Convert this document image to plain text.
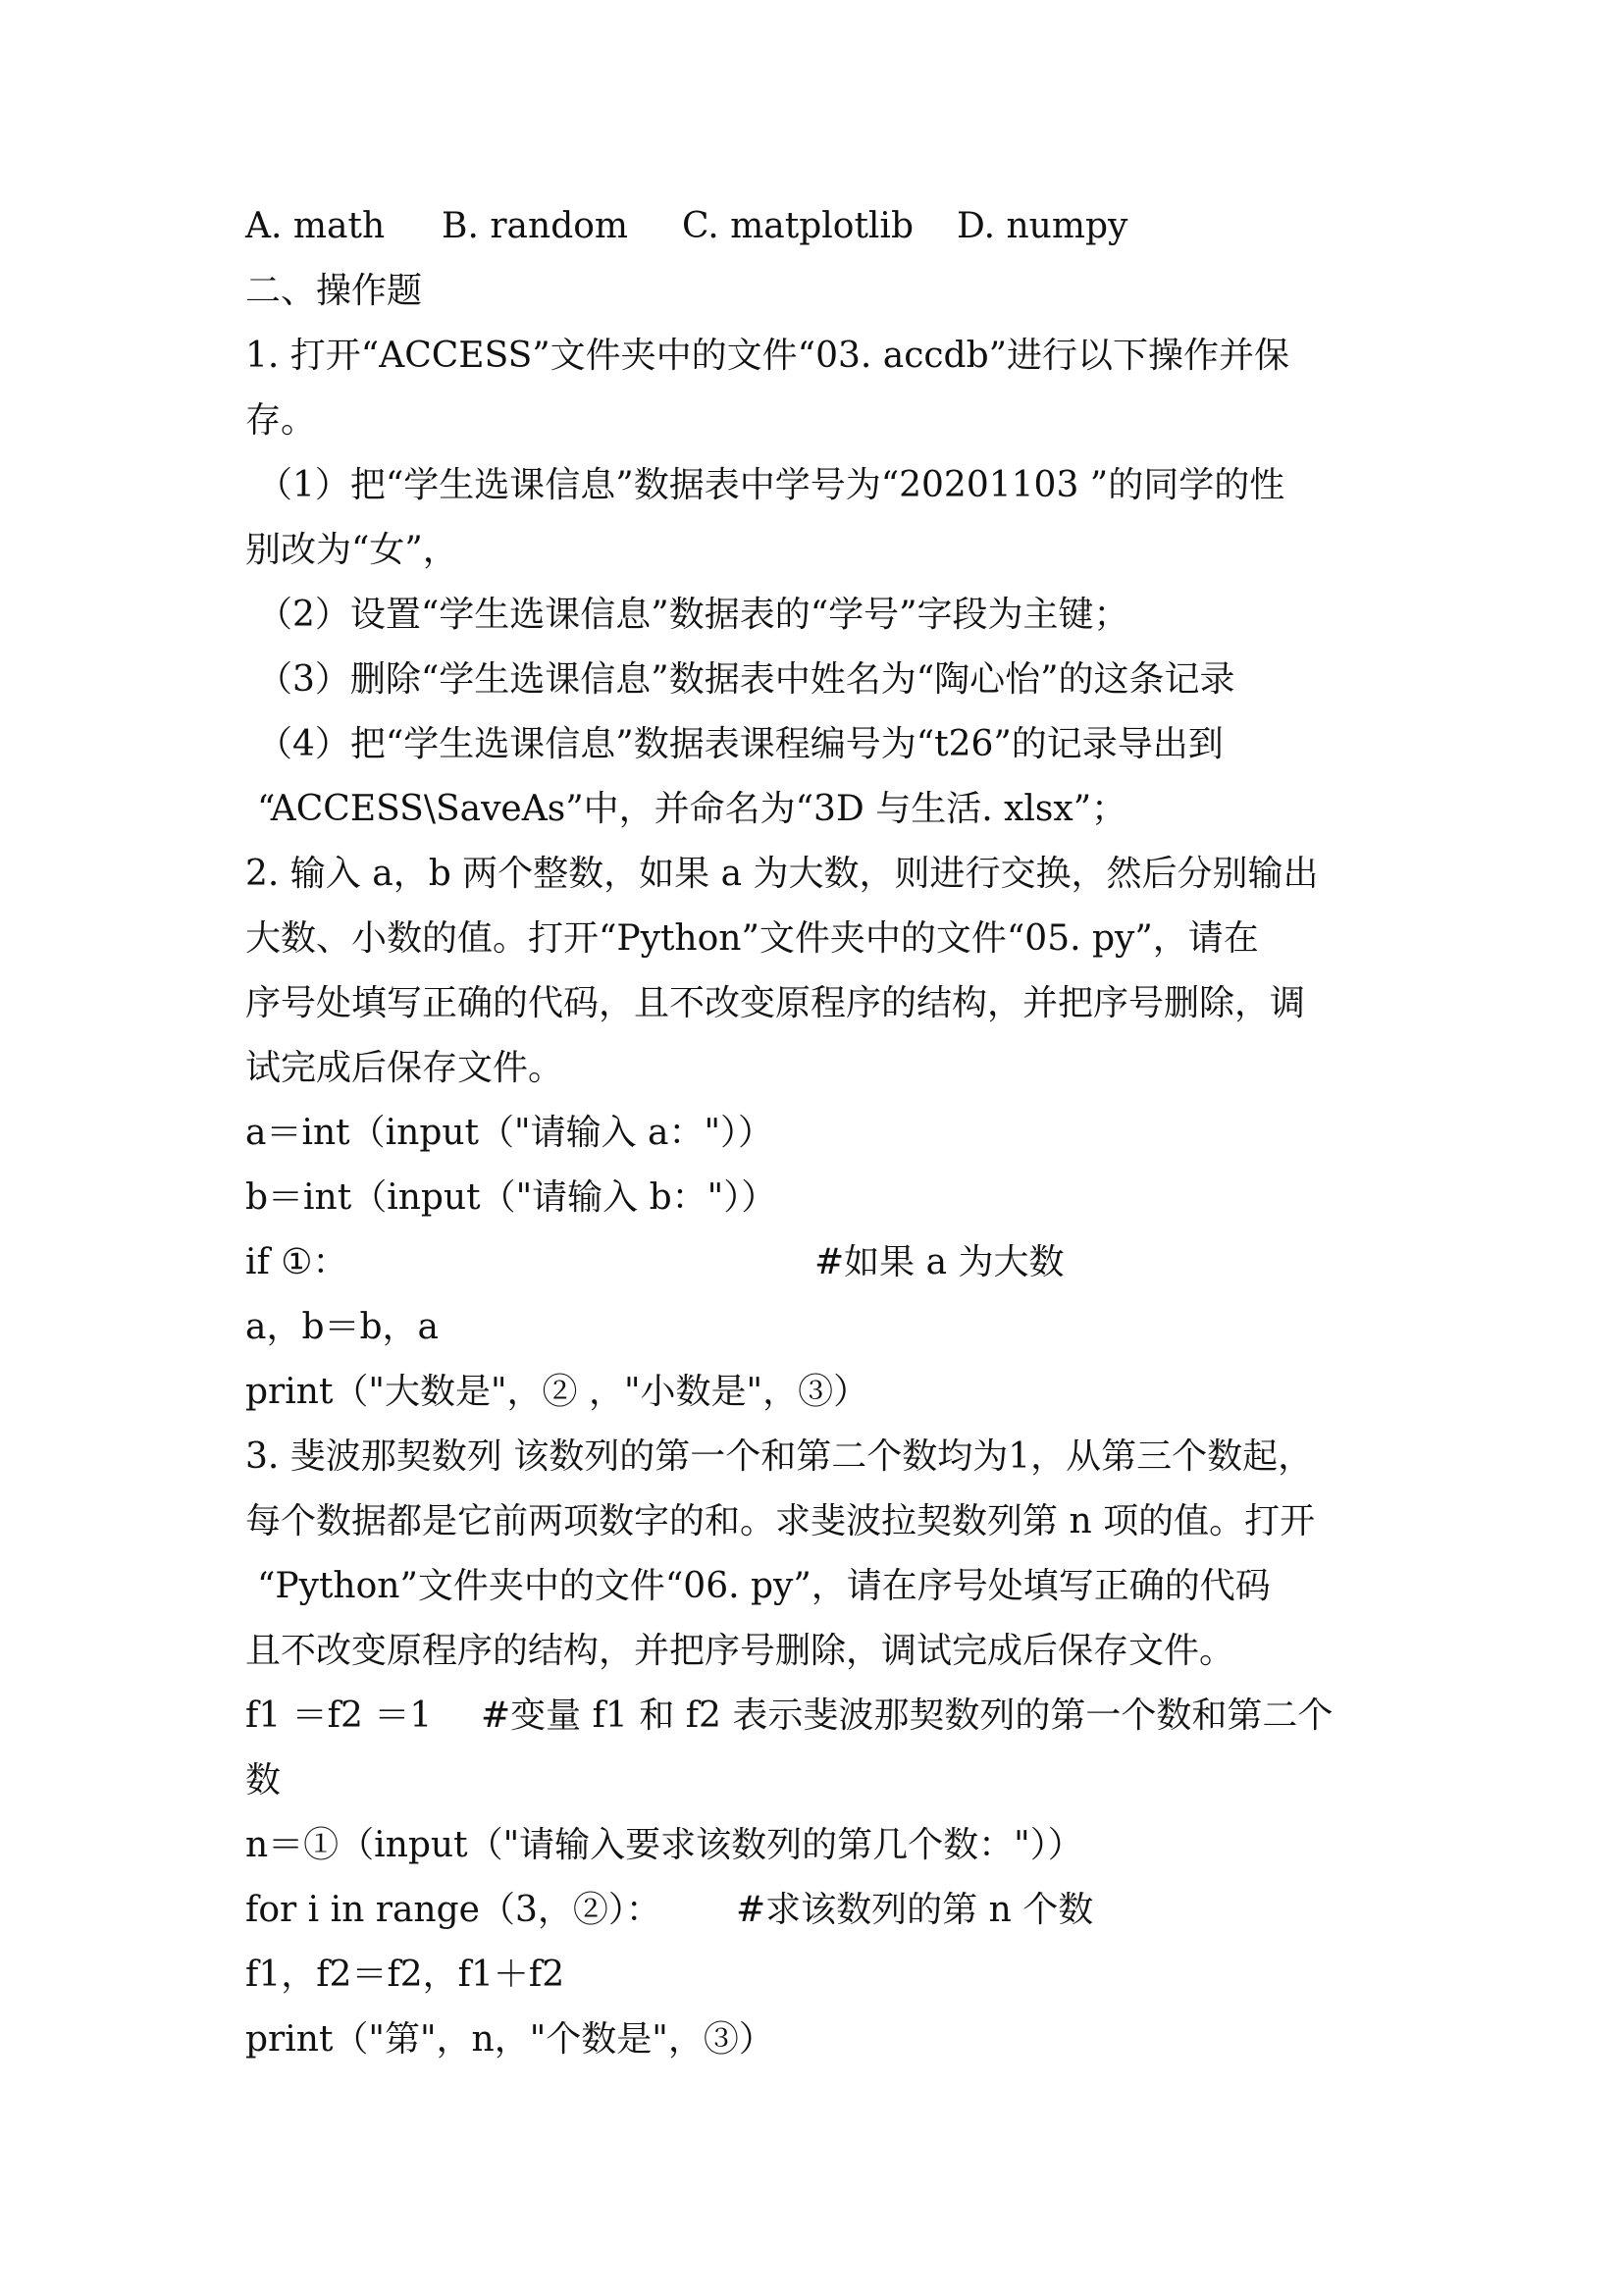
A. math B. random C. matplotlib D. numpy
二、操作题
1. 打开“ACCESS”文件夹中的文件“03. accdb”进行以下操作并保
存。
（1）把“学生选课信息”数据表中学号为“20201103 ”的同学的性
别改为“女”，
（2）设置“学生选课信息”数据表的“学号”字段为主键；
（3）删除“学生选课信息”数据表中姓名为“陶心怡”的这条记录
（4）把“学生选课信息”数据表课程编号为“t26”的记录导出到
“ACCESS\SaveAs”中，并命名为“3D 与生活. xlsx”；
2. 输入 a，b 两个整数，如果 a 为大数，则进行交换，然后分别输出
大数、小数的值。打开“Python”文件夹中的文件“05. py”，请在
序号处填写正确的代码，且不改变原程序的结构，并把序号删除，调
试完成后保存文件。
a＝int（input（"请输入 a："））
b＝int（input（"请输入 b："））
if ①：	#如果 a 为大数
a，b＝b，a
print（"大数是"，② ，"小数是"，③）
3. 斐波那契数列 该数列的第一个和第二个数均为1，从第三个数起，
每个数据都是它前两项数字的和。求斐波拉契数列第 n 项的值。打开
“Python”文件夹中的文件“06. py”，请在序号处填写正确的代码
且不改变原程序的结构，并把序号删除，调试完成后保存文件。
f1 ＝f2 ＝1 #变量 f1 和 f2 表示斐波那契数列的第一个数和第二个
数
n＝①（input（"请输入要求该数列的第几个数："））
for i in range（3，②）： #求该数列的第 n 个数
f1，f2＝f2，f1＋f2
print（"第"，n，"个数是"，③）
